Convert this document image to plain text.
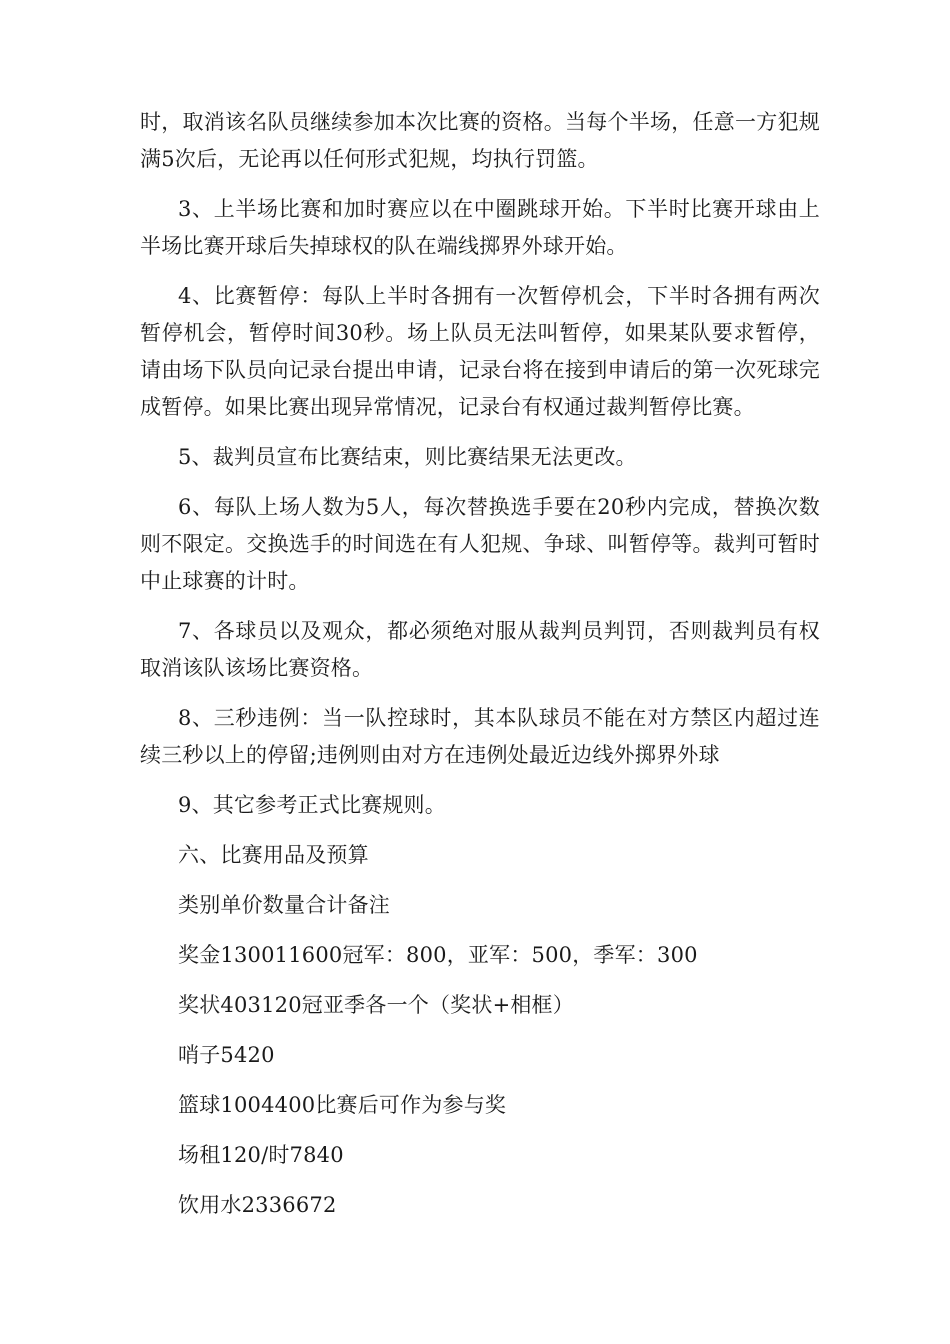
时，取消该名队员继续参加本次比赛的资格。当每个半场，任意一方犯规满5次后，无论再以任何形式犯规，均执行罚篮。

3、上半场比赛和加时赛应以在中圈跳球开始。下半时比赛开球由上半场比赛开球后失掉球权的队在端线掷界外球开始。

4、比赛暂停：每队上半时各拥有一次暂停机会，下半时各拥有两次暂停机会，暂停时间30秒。场上队员无法叫暂停，如果某队要求暂停，请由场下队员向记录台提出申请，记录台将在接到申请后的第一次死球完成暂停。如果比赛出现异常情况，记录台有权通过裁判暂停比赛。

5、裁判员宣布比赛结束，则比赛结果无法更改。

6、每队上场人数为5人，每次替换选手要在20秒内完成，替换次数则不限定。交换选手的时间选在有人犯规、争球、叫暂停等。裁判可暂时中止球赛的计时。

7、各球员以及观众，都必须绝对服从裁判员判罚，否则裁判员有权取消该队该场比赛资格。

8、三秒违例：当一队控球时，其本队球员不能在对方禁区内超过连续三秒以上的停留;违例则由对方在违例处最近边线外掷界外球

9、其它参考正式比赛规则。

六、比赛用品及预算

类别单价数量合计备注

奖金130011600冠军：800，亚军：500，季军：300

奖状403120冠亚季各一个（奖状+相框）

哨子5420

篮球1004400比赛后可作为参与奖

场租120/时7840

饮用水2336672
